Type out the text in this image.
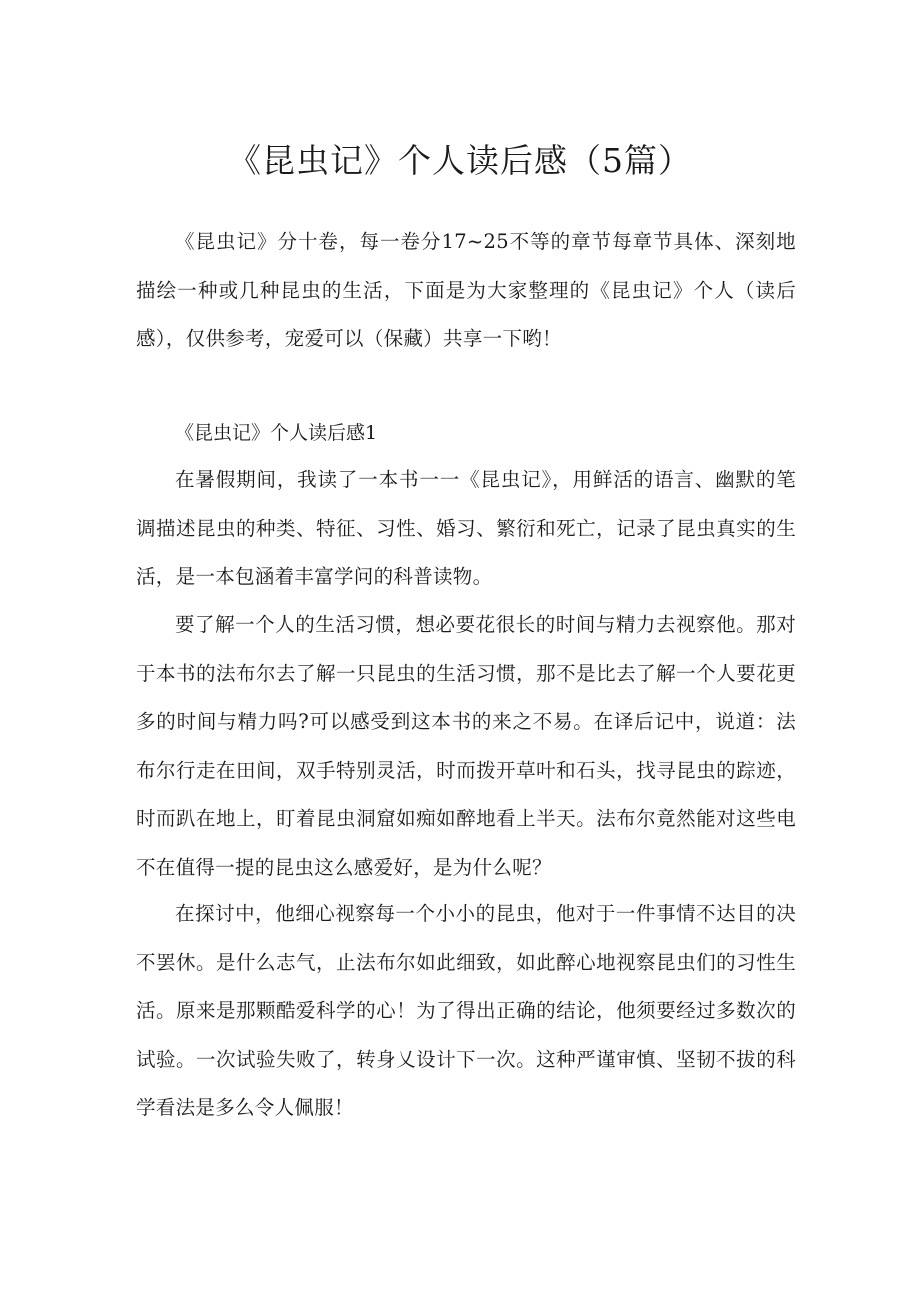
《昆虫记》个人读后感（5篇）

《昆虫记》分十卷，每一卷分17~25不等的章节每章节具体、深刻地描绘一种或几种昆虫的生活，下面是为大家整理的《昆虫记》个人（读后感），仅供参考，宠爱可以（保藏）共享一下哟！

《昆虫记》个人读后感1

在暑假期间，我读了一本书一一《昆虫记》，用鲜活的语言、幽默的笔调描述昆虫的种类、特征、习性、婚习、繁衍和死亡，记录了昆虫真实的生活，是一本包涵着丰富学问的科普读物。

要了解一个人的生活习惯，想必要花很长的时间与精力去视察他。那对于本书的法布尔去了解一只昆虫的生活习惯，那不是比去了解一个人要花更多的时间与精力吗?可以感受到这本书的来之不易。在译后记中，说道：法布尔行走在田间，双手特别灵活，时而拨开草叶和石头，找寻昆虫的踪迹，时而趴在地上，盯着昆虫洞窟如痴如醉地看上半天。法布尔竟然能对这些电不在值得一提的昆虫这么感爱好，是为什么呢？

在探讨中，他细心视察每一个小小的昆虫，他对于一件事情不达目的决不罢休。是什么志气，止法布尔如此细致，如此醉心地视察昆虫们的习性生活。原来是那颗酷爱科学的心！为了得出正确的结论，他须要经过多数次的试验。一次试验失败了，转身乂设计下一次。这种严谨审慎、坚韧不拔的科学看法是多么令人佩服！
